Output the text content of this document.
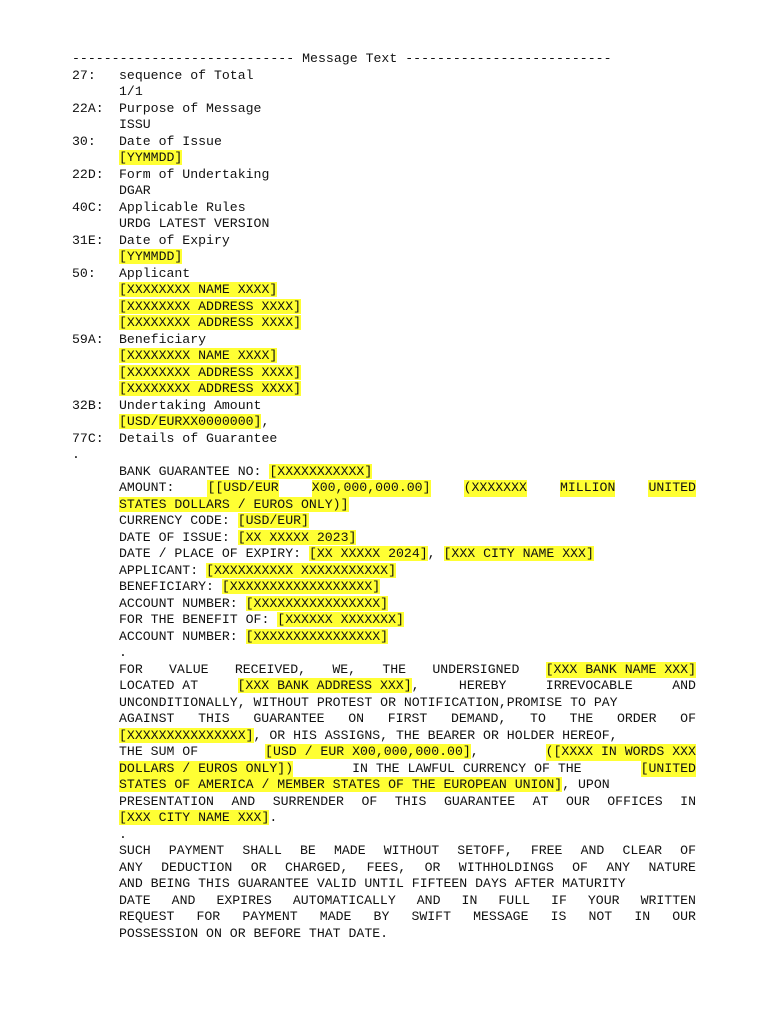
---------------------------- Message Text --------------------------
27:	sequence of Total
1/1
22A:	Purpose of Message
ISSU
30:	Date of Issue
[YYMMDD]
22D:	Form of Undertaking
DGAR
40C:	Applicable Rules
URDG LATEST VERSION
31E:	Date of Expiry
[YYMMDD]
50:	Applicant
[XXXXXXXX NAME XXXX]
[XXXXXXXX ADDRESS XXXX]
[XXXXXXXX ADDRESS XXXX]
59A:	Beneficiary
[XXXXXXXX NAME XXXX]
[XXXXXXXX ADDRESS XXXX]
[XXXXXXXX ADDRESS XXXX]
32B:	Undertaking Amount
[USD/EURXX0000000],
77C:	Details of Guarantee
.
BANK GUARANTEE NO: [XXXXXXXXXXX]
AMOUNT:	[[USD/EUR	X00,000,000.00]	(XXXXXXX	MILLION	UNITED
STATES DOLLARS / EUROS ONLY)]
CURRENCY CODE: [USD/EUR]
DATE OF ISSUE: [XX XXXXX 2023]
DATE / PLACE OF EXPIRY: [XX XXXXX 2024], [XXX CITY NAME XXX]
APPLICANT: [XXXXXXXXXX XXXXXXXXXXX]
BENEFICIARY: [XXXXXXXXXXXXXXXXXX]
ACCOUNT NUMBER: [XXXXXXXXXXXXXXXX]
FOR THE BENEFIT OF: [XXXXXX XXXXXXX]
ACCOUNT NUMBER: [XXXXXXXXXXXXXXXX]
.
FOR VALUE RECEIVED, WE, THE UNDERSIGNED [XXX BANK NAME XXX]
LOCATED AT	[XXX BANK ADDRESS XXX],	HEREBY	IRREVOCABLE	AND
UNCONDITIONALLY, WITHOUT PROTEST OR NOTIFICATION,PROMISE TO PAY
AGAINST THIS GUARANTEE ON FIRST DEMAND, TO THE ORDER OF
[XXXXXXXXXXXXXXX], OR HIS ASSIGNS, THE BEARER OR HOLDER HEREOF,
THE SUM OF	[USD / EUR X00,000,000.00],	([XXXX IN WORDS XXX
DOLLARS / EUROS ONLY])	IN THE LAWFUL CURRENCY OF THE	[UNITED
STATES OF AMERICA / MEMBER STATES OF THE EUROPEAN UNION], UPON
PRESENTATION AND SURRENDER OF THIS GUARANTEE AT OUR OFFICES IN
[XXX CITY NAME XXX].
.
SUCH PAYMENT SHALL BE MADE WITHOUT SETOFF, FREE AND CLEAR OF
ANY DEDUCTION OR CHARGED, FEES, OR WITHHOLDINGS OF ANY NATURE
AND BEING THIS GUARANTEE VALID UNTIL FIFTEEN DAYS AFTER MATURITY
DATE AND EXPIRES AUTOMATICALLY AND IN FULL IF YOUR WRITTEN
REQUEST FOR PAYMENT MADE BY SWIFT MESSAGE IS NOT IN OUR
POSSESSION ON OR BEFORE THAT DATE.
